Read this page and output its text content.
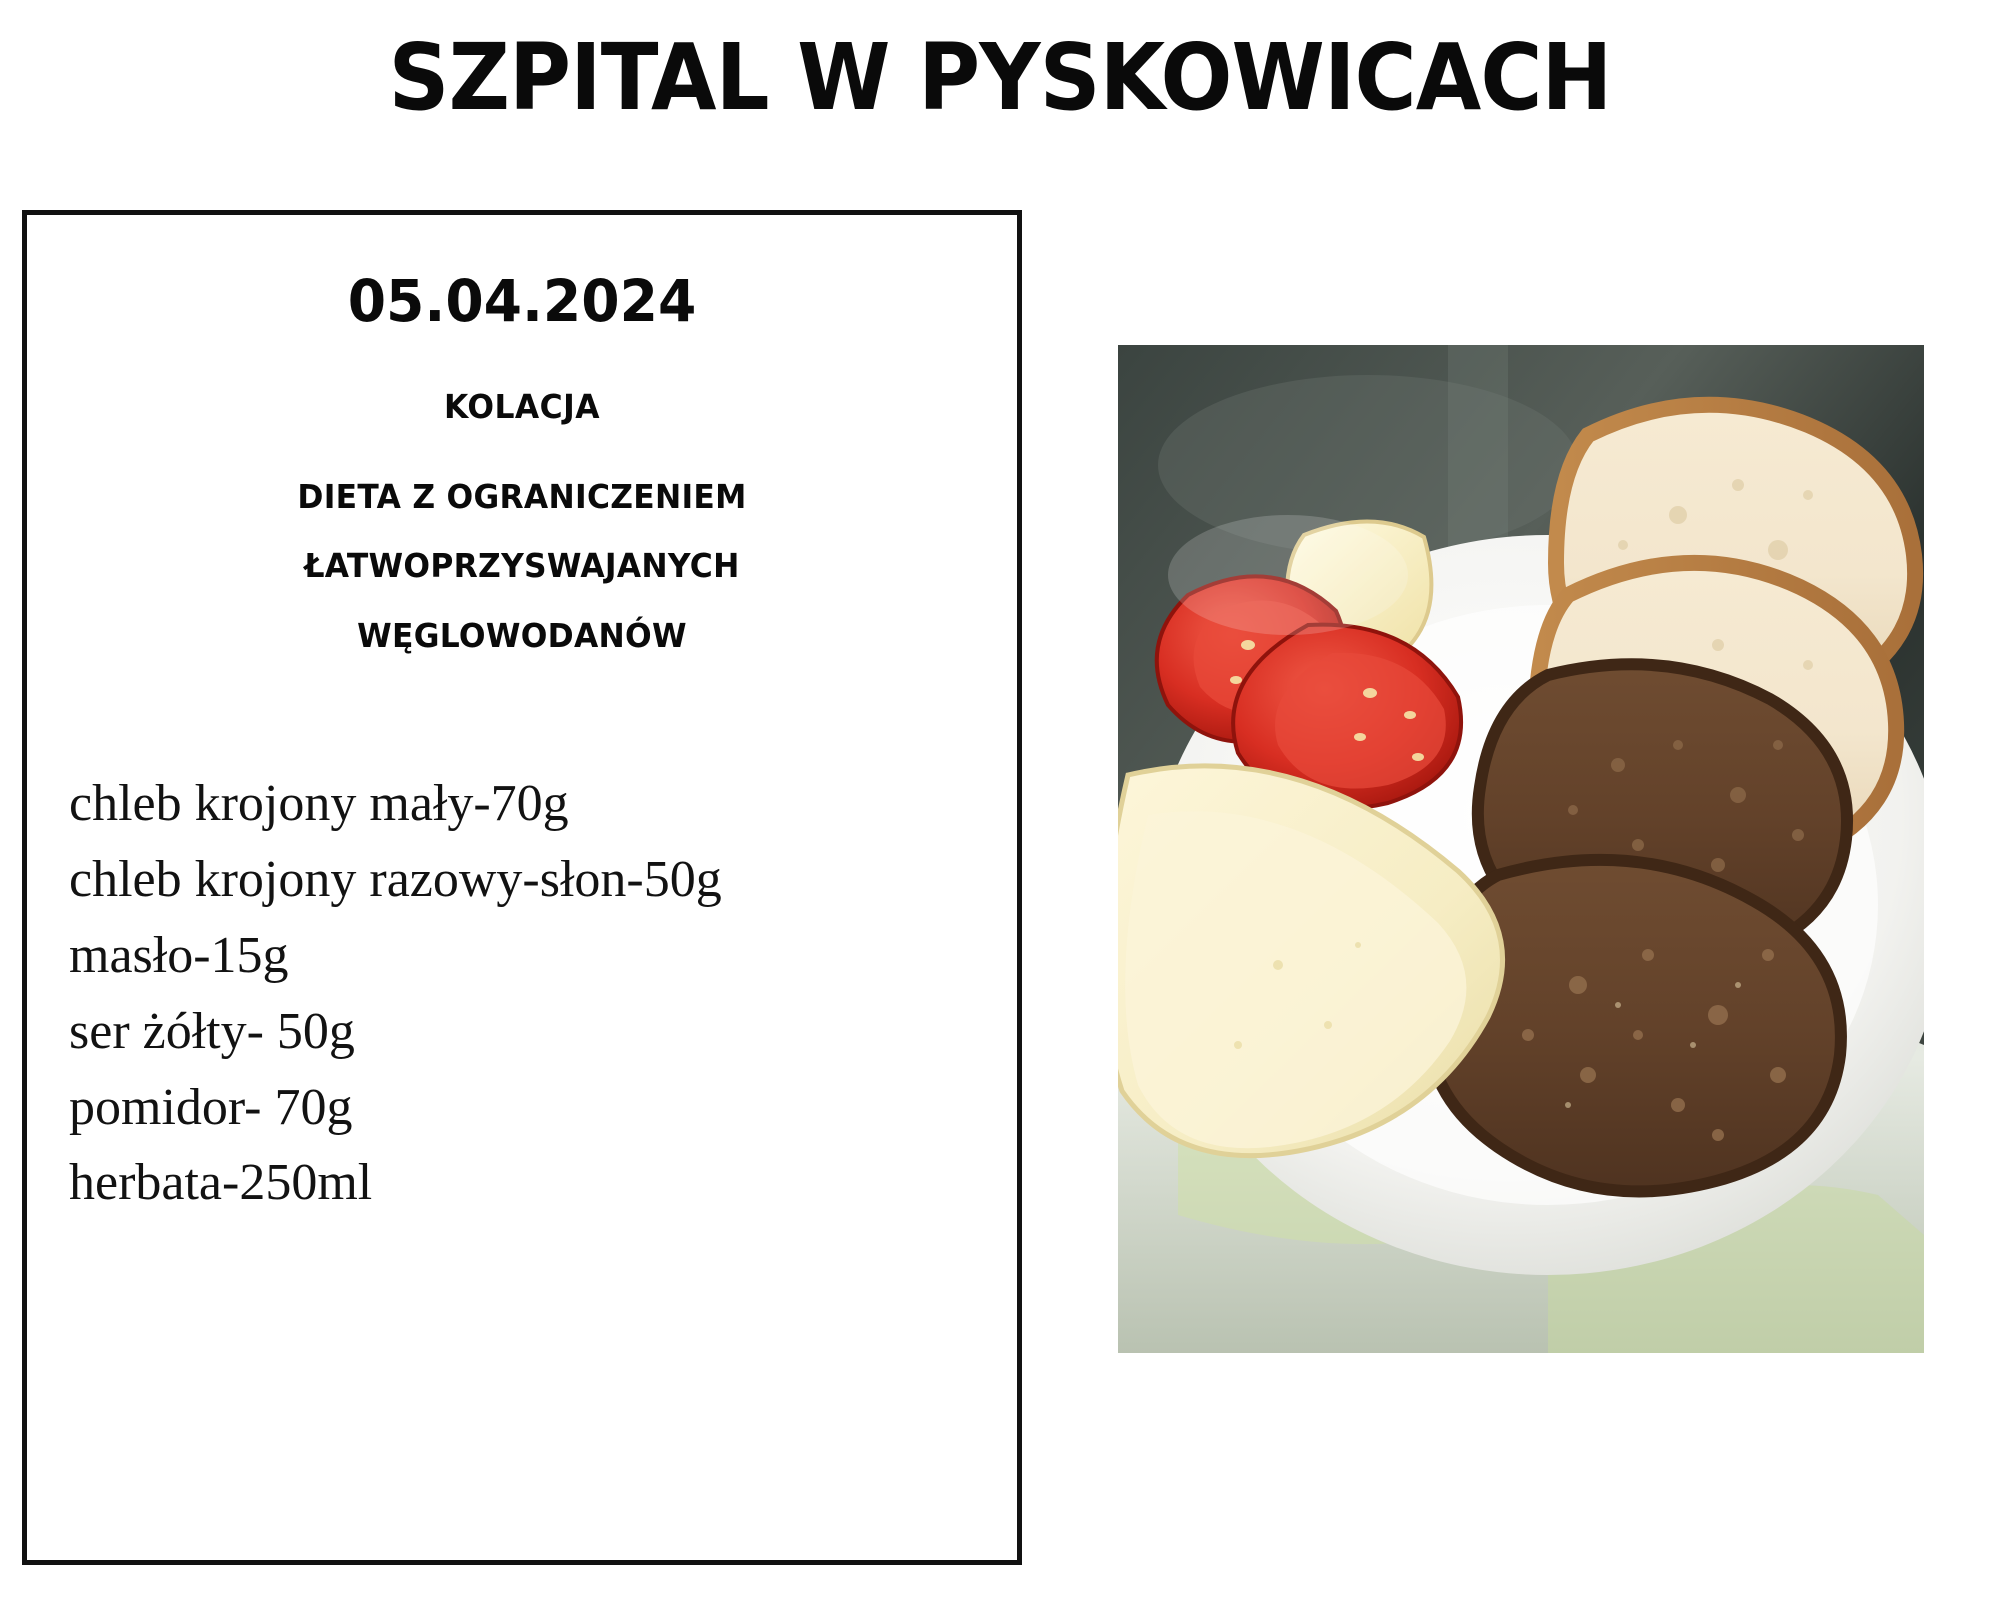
SZPITAL W PYSKOWICACH
05.04.2024
KOLACJA
DIETA Z OGRANICZENIEM ŁATWOPRZYSWAJANYCH
WĘGLOWODANÓW
chleb krojony mały-70g
chleb krojony razowy-słon-50g
masło-15g
ser żółty- 50g
pomidor- 70g
herbata-250ml
